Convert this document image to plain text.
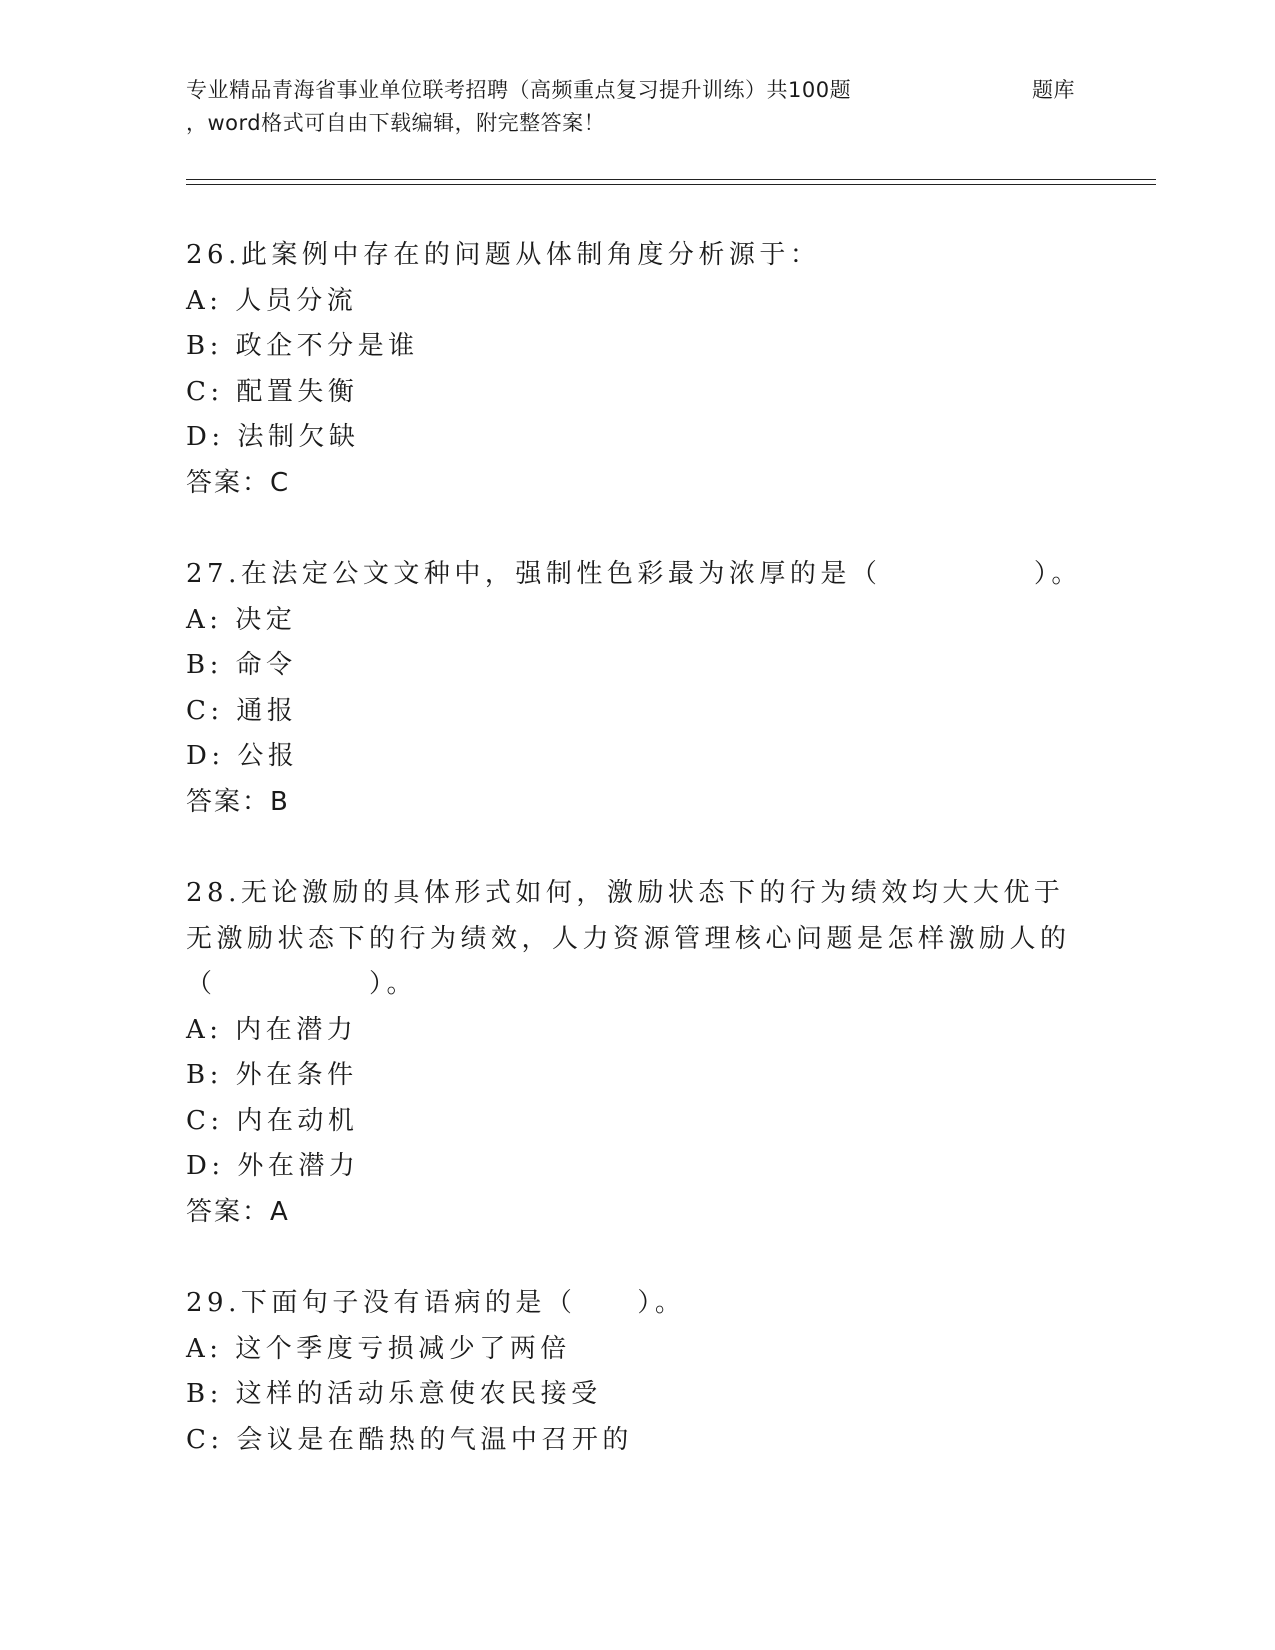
专业精品青海省事业单位联考招聘（高频重点复习提升训练）共100题	题库
，word格式可自由下载编辑，附完整答案！
26.此案例中存在的问题从体制角度分析源于：
A: 人员分流
B: 政企不分是谁
C: 配置失衡
D: 法制欠缺
答案：C
27.在法定公文文种中，强制性色彩最为浓厚的是（　　　　　）。
A: 决定
B: 命令
C: 通报
D: 公报
答案：B
28.无论激励的具体形式如何，激励状态下的行为绩效均大大优于无激励状态下的行为绩效，人力资源管理核心问题是怎样激励人的（　　　　　）。
A: 内在潜力
B: 外在条件
C: 内在动机
D: 外在潜力
答案：A
29.下面句子没有语病的是（　　）。
A: 这个季度亏损减少了两倍
B: 这样的活动乐意使农民接受
C: 会议是在酷热的气温中召开的
